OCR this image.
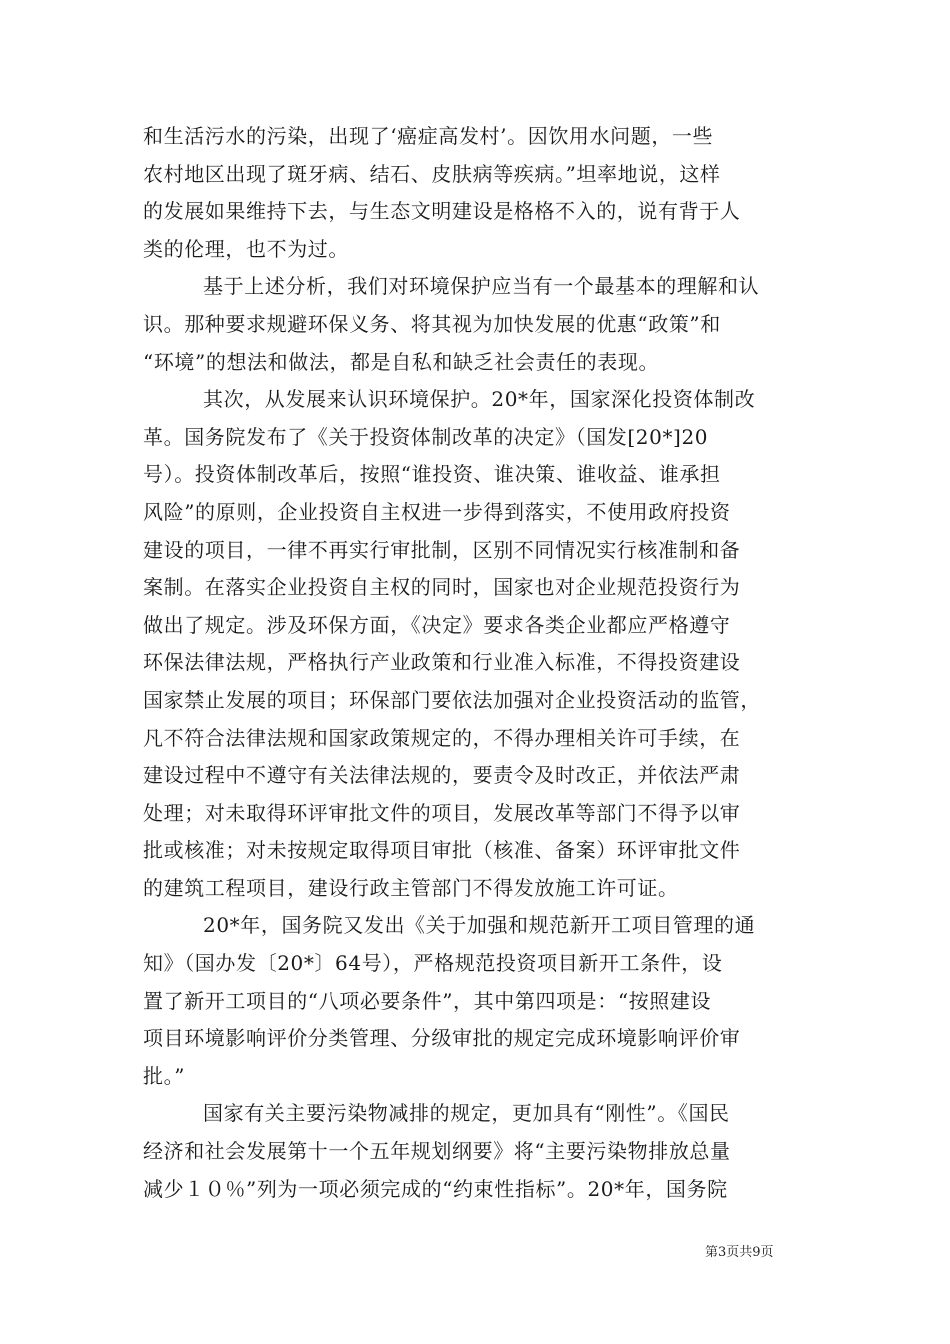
和生活污水的污染，出现了‘癌症高发村’。因饮用水问题，一些
农村地区出现了斑牙病、结石、皮肤病等疾病。”坦率地说，这样
的发展如果维持下去，与生态文明建设是格格不入的，说有背于人
类的伦理，也不为过。
基于上述分析，我们对环境保护应当有一个最基本的理解和认
识。那种要求规避环保义务、将其视为加快发展的优惠“政策”和
“环境”的想法和做法，都是自私和缺乏社会责任的表现。
其次，从发展来认识环境保护。20*年，国家深化投资体制改
革。国务院发布了《关于投资体制改革的决定》（国发[20*]20
号）。投资体制改革后，按照“谁投资、谁决策、谁收益、谁承担
风险”的原则，企业投资自主权进一步得到落实，不使用政府投资
建设的项目，一律不再实行审批制，区别不同情况实行核准制和备
案制。在落实企业投资自主权的同时，国家也对企业规范投资行为
做出了规定。涉及环保方面，《决定》要求各类企业都应严格遵守
环保法律法规，严格执行产业政策和行业准入标准，不得投资建设
国家禁止发展的项目；环保部门要依法加强对企业投资活动的监管，
凡不符合法律法规和国家政策规定的，不得办理相关许可手续，在
建设过程中不遵守有关法律法规的，要责令及时改正，并依法严肃
处理；对未取得环评审批文件的项目，发展改革等部门不得予以审
批或核准；对未按规定取得项目审批（核准、备案）环评审批文件
的建筑工程项目，建设行政主管部门不得发放施工许可证。
20*年，国务院又发出《关于加强和规范新开工项目管理的通
知》（国办发〔20*〕64号），严格规范投资项目新开工条件，设
置了新开工项目的“八项必要条件”，其中第四项是：“按照建设
项目环境影响评价分类管理、分级审批的规定完成环境影响评价审
批。”
国家有关主要污染物减排的规定，更加具有“刚性”。《国民
经济和社会发展第十一个五年规划纲要》将“主要污染物排放总量
减少１０％”列为一项必须完成的“约束性指标”。20*年，国务院
第3页共9页
